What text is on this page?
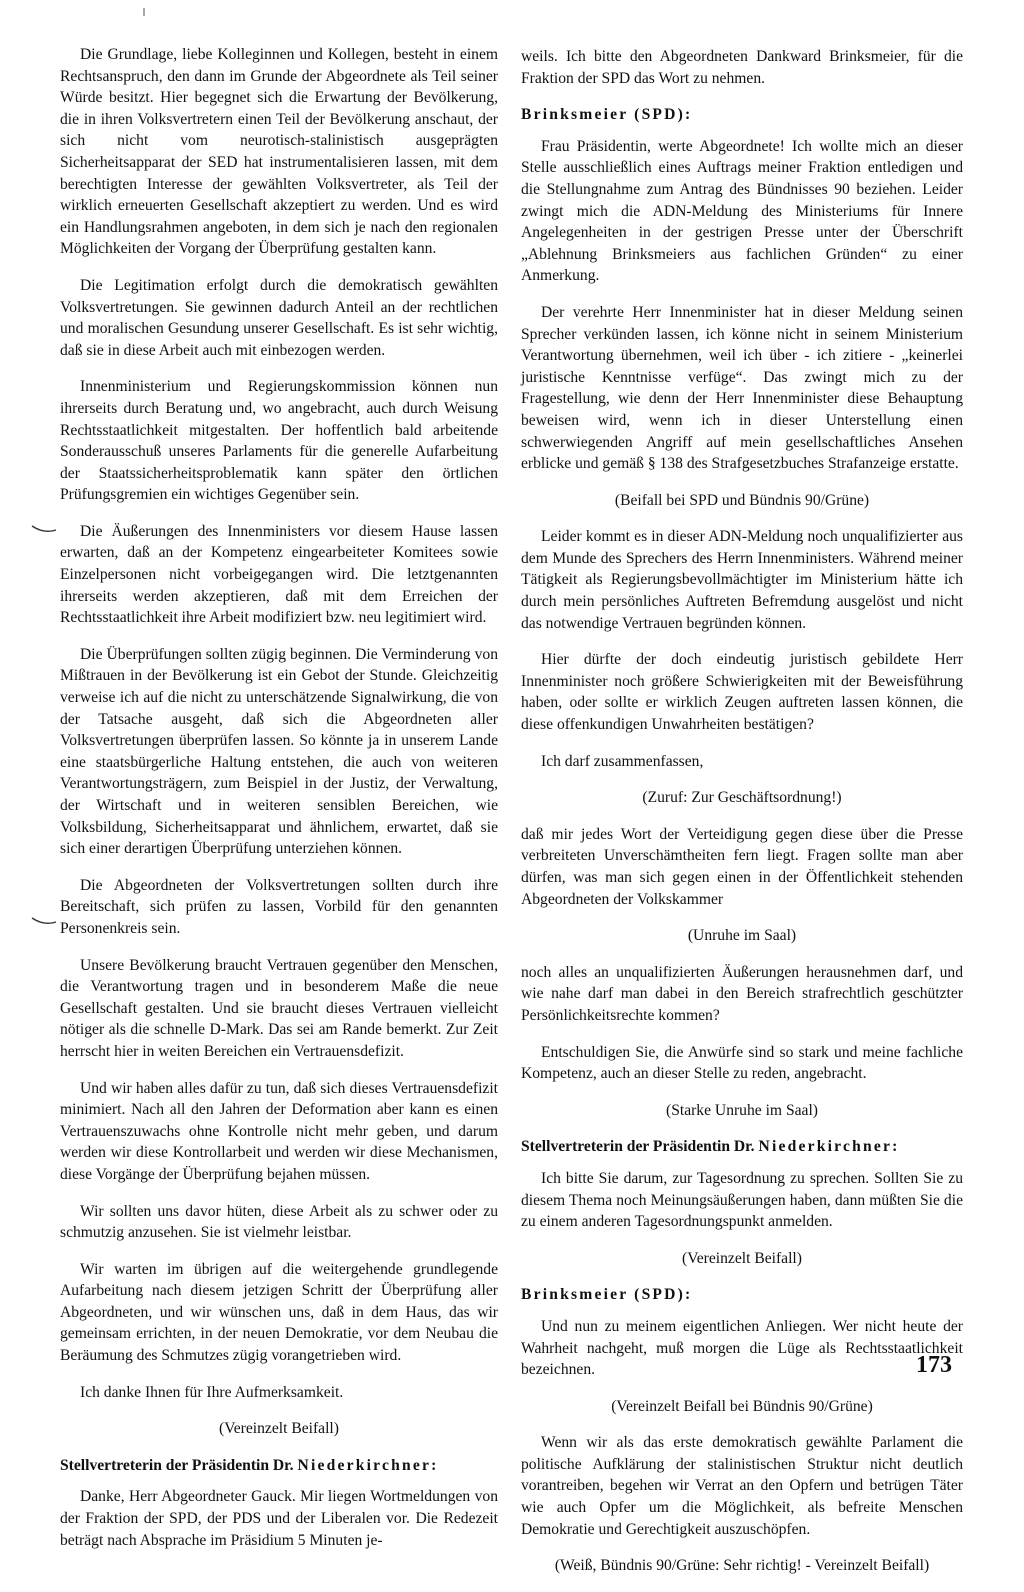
Die Grundlage, liebe Kolleginnen und Kollegen, besteht in einem Rechtsanspruch, den dann im Grunde der Abgeordnete als Teil seiner Würde besitzt. Hier begegnet sich die Erwartung der Bevölkerung, die in ihren Volksvertretern einen Teil der Bevölkerung anschaut, der sich nicht vom neurotisch-stalinistisch ausgeprägten Sicherheitsapparat der SED hat instrumentalisieren lassen, mit dem berechtigten Interesse der gewählten Volksvertreter, als Teil der wirklich erneuerten Gesellschaft akzeptiert zu werden. Und es wird ein Handlungsrahmen angeboten, in dem sich je nach den regionalen Möglichkeiten der Vorgang der Überprüfung gestalten kann.

Die Legitimation erfolgt durch die demokratisch gewählten Volksvertretungen. Sie gewinnen dadurch Anteil an der rechtlichen und moralischen Gesundung unserer Gesellschaft. Es ist sehr wichtig, daß sie in diese Arbeit auch mit einbezogen werden.

Innenministerium und Regierungskommission können nun ihrerseits durch Beratung und, wo angebracht, auch durch Weisung Rechtsstaatlichkeit mitgestalten. Der hoffentlich bald arbeitende Sonderausschuß unseres Parlaments für die generelle Aufarbeitung der Staatssicherheitsproblematik kann später den örtlichen Prüfungsgremien ein wichtiges Gegenüber sein.

Die Äußerungen des Innenministers vor diesem Hause lassen erwarten, daß an der Kompetenz eingearbeiteter Komitees sowie Einzelpersonen nicht vorbeigegangen wird. Die letztgenannten ihrerseits werden akzeptieren, daß mit dem Erreichen der Rechtsstaatlichkeit ihre Arbeit modifiziert bzw. neu legitimiert wird.

Die Überprüfungen sollten zügig beginnen. Die Verminderung von Mißtrauen in der Bevölkerung ist ein Gebot der Stunde. Gleichzeitig verweise ich auf die nicht zu unterschätzende Signalwirkung, die von der Tatsache ausgeht, daß sich die Abgeordneten aller Volksvertretungen überprüfen lassen. So könnte ja in unserem Lande eine staatsbürgerliche Haltung entstehen, die auch von weiteren Verantwortungsträgern, zum Beispiel in der Justiz, der Verwaltung, der Wirtschaft und in weiteren sensiblen Bereichen, wie Volksbildung, Sicherheitsapparat und ähnlichem, erwartet, daß sie sich einer derartigen Überprüfung unterziehen können.

Die Abgeordneten der Volksvertretungen sollten durch ihre Bereitschaft, sich prüfen zu lassen, Vorbild für den genannten Personenkreis sein.

Unsere Bevölkerung braucht Vertrauen gegenüber den Menschen, die Verantwortung tragen und in besonderem Maße die neue Gesellschaft gestalten. Und sie braucht dieses Vertrauen vielleicht nötiger als die schnelle D-Mark. Das sei am Rande bemerkt. Zur Zeit herrscht hier in weiten Bereichen ein Vertrauensdefizit.

Und wir haben alles dafür zu tun, daß sich dieses Vertrauensdefizit minimiert. Nach all den Jahren der Deformation aber kann es einen Vertrauenszuwachs ohne Kontrolle nicht mehr geben, und darum werden wir diese Kontrollarbeit und werden wir diese Mechanismen, diese Vorgänge der Überprüfung bejahen müssen.

Wir sollten uns davor hüten, diese Arbeit als zu schwer oder zu schmutzig anzusehen. Sie ist vielmehr leistbar.

Wir warten im übrigen auf die weitergehende grundlegende Aufarbeitung nach diesem jetzigen Schritt der Überprüfung aller Abgeordneten, und wir wünschen uns, daß in dem Haus, das wir gemeinsam errichten, in der neuen Demokratie, vor dem Neubau die Beräumung des Schmutzes zügig vorangetrieben wird.

Ich danke Ihnen für Ihre Aufmerksamkeit.

(Vereinzelt Beifall)

Stellvertreterin der Präsidentin Dr. Niederkirchner:

Danke, Herr Abgeordneter Gauck. Mir liegen Wortmeldungen von der Fraktion der SPD, der PDS und der Liberalen vor. Die Redezeit beträgt nach Absprache im Präsidium 5 Minuten je-

weils. Ich bitte den Abgeordneten Dankward Brinksmeier, für die Fraktion der SPD das Wort zu nehmen.

Brinksmeier (SPD):

Frau Präsidentin, werte Abgeordnete! Ich wollte mich an dieser Stelle ausschließlich eines Auftrags meiner Fraktion entledigen und die Stellungnahme zum Antrag des Bündnisses 90 beziehen. Leider zwingt mich die ADN-Meldung des Ministeriums für Innere Angelegenheiten in der gestrigen Presse unter der Überschrift „Ablehnung Brinksmeiers aus fachlichen Gründen“ zu einer Anmerkung.

Der verehrte Herr Innenminister hat in dieser Meldung seinen Sprecher verkünden lassen, ich könne nicht in seinem Ministerium Verantwortung übernehmen, weil ich über - ich zitiere - „keinerlei juristische Kenntnisse verfüge“. Das zwingt mich zu der Fragestellung, wie denn der Herr Innenminister diese Behauptung beweisen wird, wenn ich in dieser Unterstellung einen schwerwiegenden Angriff auf mein gesellschaftliches Ansehen erblicke und gemäß § 138 des Strafgesetzbuches Strafanzeige erstatte.

(Beifall bei SPD und Bündnis 90/Grüne)

Leider kommt es in dieser ADN-Meldung noch unqualifizierter aus dem Munde des Sprechers des Herrn Innenministers. Während meiner Tätigkeit als Regierungsbevollmächtigter im Ministerium hätte ich durch mein persönliches Auftreten Befremdung ausgelöst und nicht das notwendige Vertrauen begründen können.

Hier dürfte der doch eindeutig juristisch gebildete Herr Innenminister noch größere Schwierigkeiten mit der Beweisführung haben, oder sollte er wirklich Zeugen auftreten lassen können, die diese offenkundigen Unwahrheiten bestätigen?

Ich darf zusammenfassen,

(Zuruf: Zur Geschäftsordnung!)

daß mir jedes Wort der Verteidigung gegen diese über die Presse verbreiteten Unverschämtheiten fern liegt. Fragen sollte man aber dürfen, was man sich gegen einen in der Öffentlichkeit stehenden Abgeordneten der Volkskammer

(Unruhe im Saal)

noch alles an unqualifizierten Äußerungen herausnehmen darf, und wie nahe darf man dabei in den Bereich strafrechtlich geschützter Persönlichkeitsrechte kommen?

Entschuldigen Sie, die Anwürfe sind so stark und meine fachliche Kompetenz, auch an dieser Stelle zu reden, angebracht.

(Starke Unruhe im Saal)

Stellvertreterin der Präsidentin Dr. Niederkirchner:

Ich bitte Sie darum, zur Tagesordnung zu sprechen. Sollten Sie zu diesem Thema noch Meinungsäußerungen haben, dann müßten Sie die zu einem anderen Tagesordnungspunkt anmelden.

(Vereinzelt Beifall)

Brinksmeier (SPD):

Und nun zu meinem eigentlichen Anliegen. Wer nicht heute der Wahrheit nachgeht, muß morgen die Lüge als Rechtsstaatlichkeit bezeichnen.

(Vereinzelt Beifall bei Bündnis 90/Grüne)

Wenn wir als das erste demokratisch gewählte Parlament die politische Aufklärung der stalinistischen Struktur nicht deutlich vorantreiben, begehen wir Verrat an den Opfern und betrügen Täter wie auch Opfer um die Möglichkeit, als befreite Menschen Demokratie und Gerechtigkeit auszuschöpfen.

(Weiß, Bündnis 90/Grüne: Sehr richtig! - Vereinzelt Beifall)

173
